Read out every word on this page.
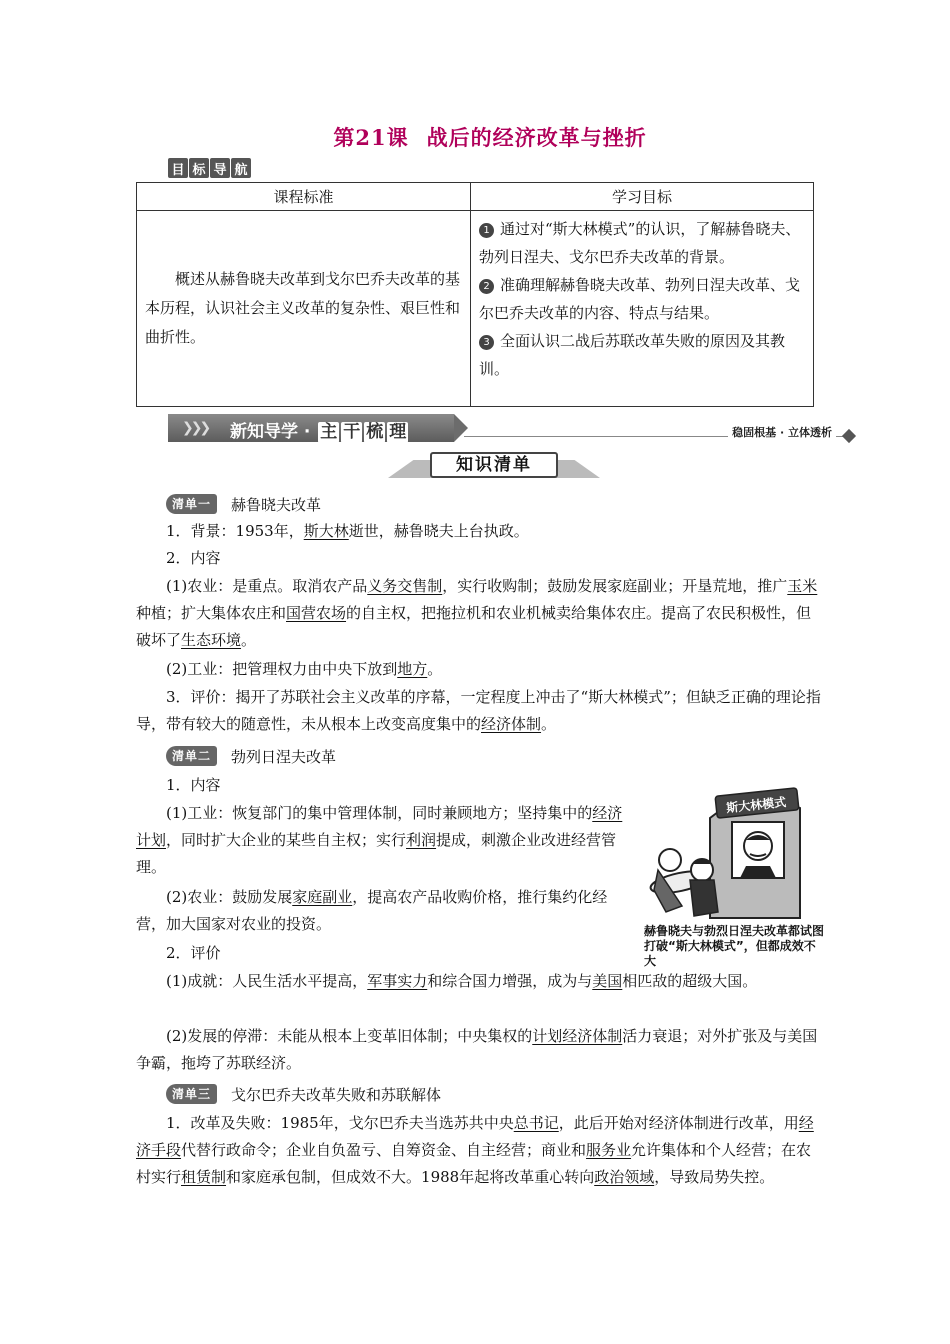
第21课 战后的经济改革与挫折
目 标 导 航
课程标准	学习目标
概述从赫鲁晓夫改革到戈尔巴乔夫改革的基本历程，认识社会主义改革的复杂性、艰巨性和曲折性。	1 通过对“斯大林模式”的认识，了解赫鲁晓夫、勃列日涅夫、戈尔巴乔夫改革的背景。
2 准确理解赫鲁晓夫改革、勃列日涅夫改革、戈尔巴乔夫改革的内容、特点与结果。
3 全面认识二战后苏联改革失败的原因及其教训。
❯❯❯ 新知导学 · 主 干 梳 理	稳固根基 · 立体透析
知识清单
清单一	赫鲁晓夫改革
1．背景：1953年，斯大林逝世，赫鲁晓夫上台执政。
2．内容
(1)农业：是重点。取消农产品义务交售制，实行收购制；鼓励发展家庭副业；开垦荒地，推广玉米种植；扩大集体农庄和国营农场的自主权，把拖拉机和农业机械卖给集体农庄。提高了农民积极性，但破坏了生态环境。
(2)工业：把管理权力由中央下放到地方。
3．评价：揭开了苏联社会主义改革的序幕，一定程度上冲击了“斯大林模式”；但缺乏正确的理论指导，带有较大的随意性，未从根本上改变高度集中的经济体制。
清单二	勃列日涅夫改革
1．内容
(1)工业：恢复部门的集中管理体制，同时兼顾地方；坚持集中的经济计划，同时扩大企业的某些自主权；实行利润提成，刺激企业改进经营管理。
(2)农业：鼓励发展家庭副业，提高农产品收购价格，推行集约化经营，加大国家对农业的投资。
2．评价
(1)成就：人民生活水平提高，军事实力和综合国力增强，成为与美国相匹敌的超级大国。
(2)发展的停滞：未能从根本上变革旧体制；中央集权的计划经济体制活力衰退；对外扩张及与美国争霸，拖垮了苏联经济。
清单三	戈尔巴乔夫改革失败和苏联解体
1．改革及失败：1985年，戈尔巴乔夫当选苏共中央总书记，此后开始对经济体制进行改革，用经济手段代替行政命令；企业自负盈亏、自筹资金、自主经营；商业和服务业允许集体和个人经营；在农村实行租赁制和家庭承包制，但成效不大。1988年起将改革重心转向政治领域，导致局势失控。
斯大林模式
赫鲁晓夫与勃烈日涅夫改革都试图打破“斯大林模式”，但都成效不大
